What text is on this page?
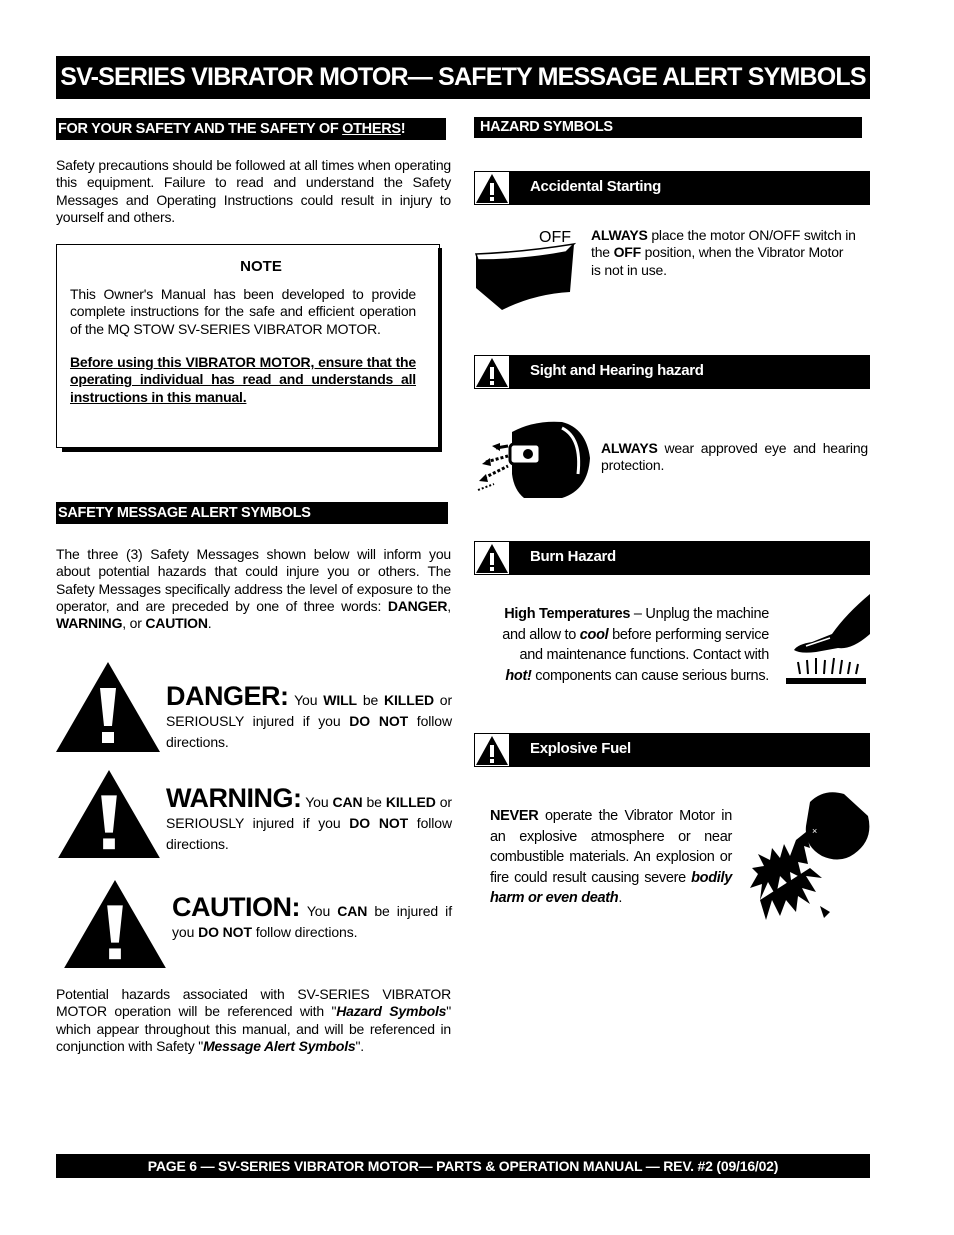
SV-SERIES VIBRATOR MOTOR— SAFETY MESSAGE ALERT SYMBOLS
FOR YOUR SAFETY AND THE SAFETY OF OTHERS!
Safety precautions should be followed at all times when operating this equipment. Failure to read and understand the Safety Messages and Operating Instructions could result in injury to yourself and others.
NOTE
This Owner's Manual has been developed to provide complete instructions for the safe and efficient operation of the MQ STOW SV-SERIES VIBRATOR MOTOR.
Before using this VIBRATOR MOTOR, ensure that the operating individual has read and understands all instructions in this manual.
SAFETY MESSAGE ALERT SYMBOLS
The three (3) Safety Messages shown below will inform you about potential hazards that could injure you or others. The Safety Messages specifically address the level of exposure to the operator, and are preceded by one of three words: DANGER, WARNING, or CAUTION.
DANGER: You WILL be KILLED or SERIOUSLY injured if you DO NOT follow directions.
WARNING: You CAN be KILLED or SERIOUSLY injured if you DO NOT follow directions.
CAUTION: You CAN be injured if you DO NOT follow directions.
Potential hazards associated with SV-SERIES VIBRATOR MOTOR operation will be referenced with "Hazard Symbols" which appear throughout this manual, and will be referenced in conjunction with Safety "Message Alert Symbols".
HAZARD SYMBOLS
Accidental Starting
OFF ALWAYS place the motor ON/OFF switch in the OFF position, when the Vibrator Motor is not in use.
Sight and Hearing hazard
ALWAYS wear approved eye and hearing protection.
Burn Hazard
High Temperatures – Unplug the machine and allow to cool before performing service and maintenance functions. Contact with hot! components can cause serious burns.
Explosive Fuel
NEVER operate the Vibrator Motor in an explosive atmosphere or near combustible materials. An explosion or fire could result causing severe bodily harm or even death.
×
PAGE 6 — SV-SERIES VIBRATOR MOTOR— PARTS & OPERATION MANUAL — REV. #2 (09/16/02)
